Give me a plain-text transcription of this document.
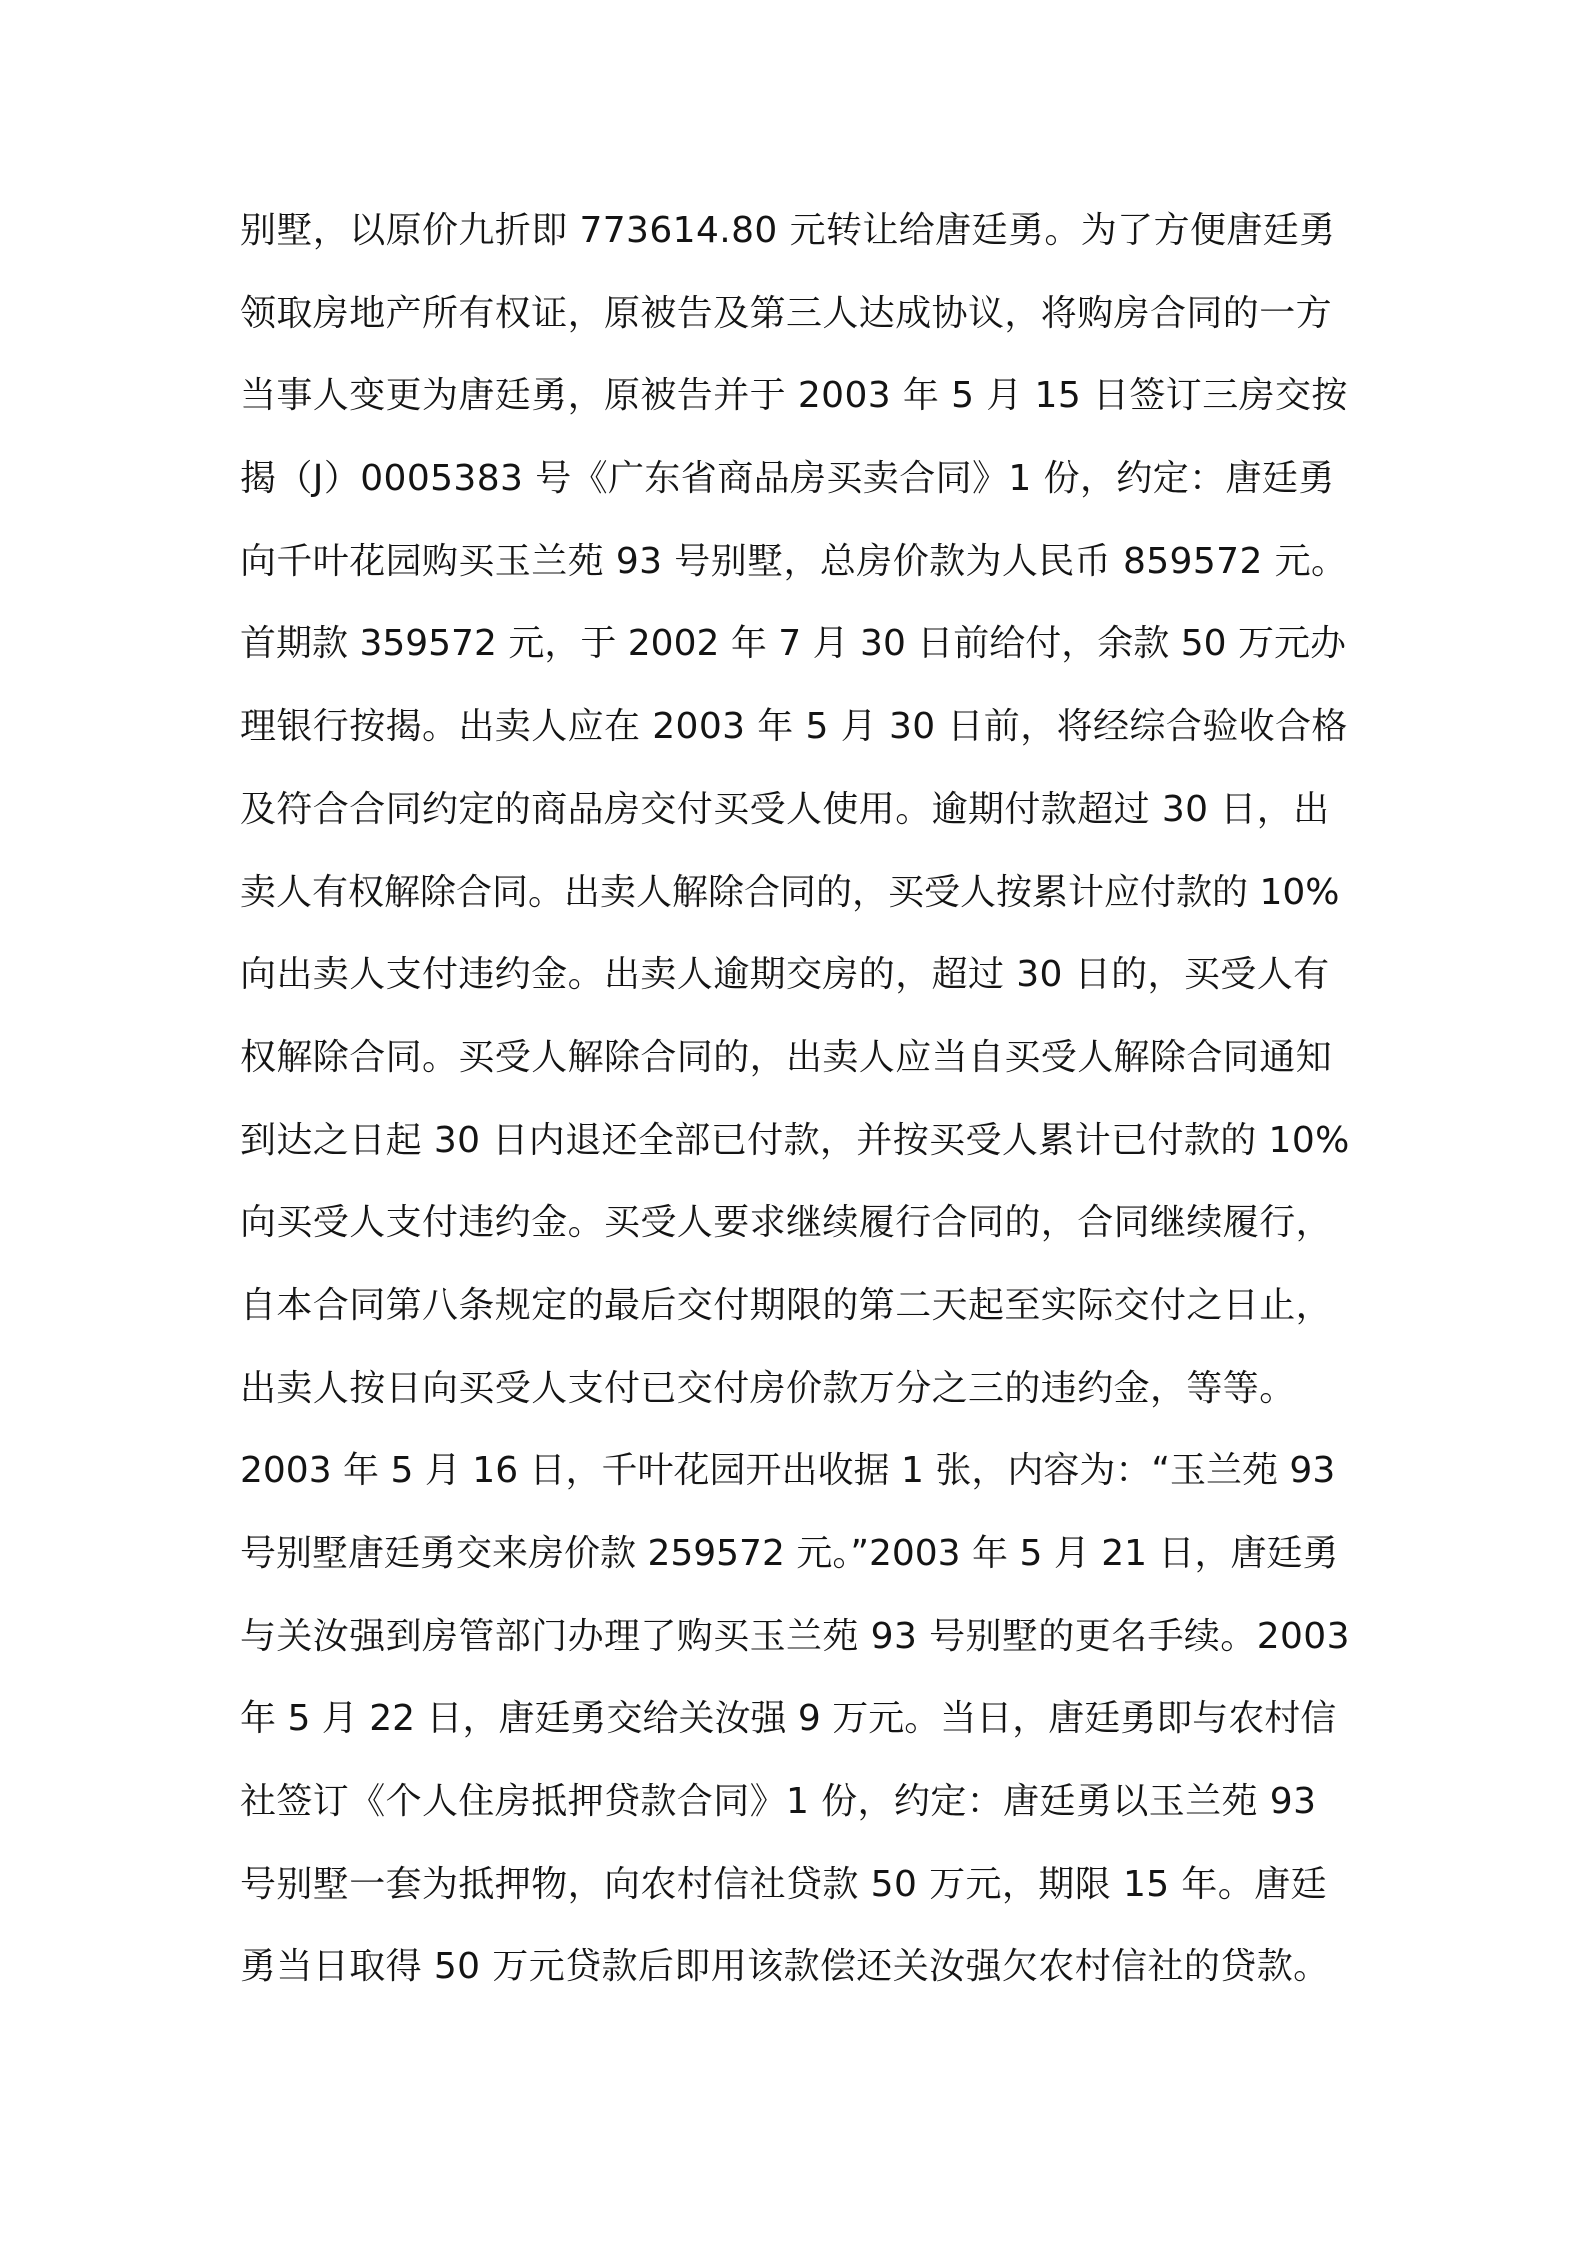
别墅，以原价九折即 773614.80 元转让给唐廷勇。为了方便唐廷勇
领取房地产所有权证，原被告及第三人达成协议，将购房合同的一方
当事人变更为唐廷勇，原被告并于 2003 年 5 月 15 日签订三房交按
揭（J）0005383 号《广东省商品房买卖合同》1 份，约定：唐廷勇
向千叶花园购买玉兰苑 93 号别墅，总房价款为人民币 859572 元。
首期款 359572 元，于 2002 年 7 月 30 日前给付，余款 50 万元办
理银行按揭。出卖人应在 2003 年 5 月 30 日前，将经综合验收合格
及符合合同约定的商品房交付买受人使用。逾期付款超过 30 日，出
卖人有权解除合同。出卖人解除合同的，买受人按累计应付款的 10%
向出卖人支付违约金。出卖人逾期交房的，超过 30 日的，买受人有
权解除合同。买受人解除合同的，出卖人应当自买受人解除合同通知
到达之日起 30 日内退还全部已付款，并按买受人累计已付款的 10%
向买受人支付违约金。买受人要求继续履行合同的，合同继续履行，
自本合同第八条规定的最后交付期限的第二天起至实际交付之日止，
出卖人按日向买受人支付已交付房价款万分之三的违约金，等等。
2003 年 5 月 16 日，千叶花园开出收据 1 张，内容为：“玉兰苑 93
号别墅唐廷勇交来房价款 259572 元。”2003 年 5 月 21 日，唐廷勇
与关汝强到房管部门办理了购买玉兰苑 93 号别墅的更名手续。2003
年 5 月 22 日，唐廷勇交给关汝强 9 万元。当日，唐廷勇即与农村信
社签订《个人住房抵押贷款合同》1 份，约定：唐廷勇以玉兰苑 93
号别墅一套为抵押物，向农村信社贷款 50 万元，期限 15 年。唐廷
勇当日取得 50 万元贷款后即用该款偿还关汝强欠农村信社的贷款。
